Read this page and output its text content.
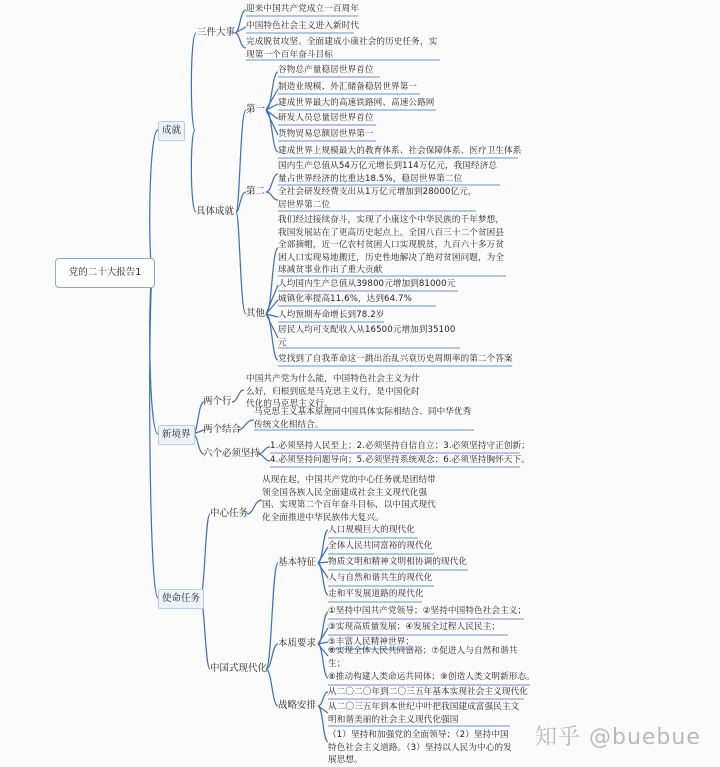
党的二十大报告1
成就
新境界
使命任务
三件大事
迎来中国共产党成立一百周年
中国特色社会主义进入新时代
完成脱贫攻坚、全面建成小康社会的历史任务，实现第一个百年奋斗目标
具体成就
第一
谷物总产量稳居世界首位
制造业规模、外汇储备稳居世界第一
建成世界最大的高速铁路网、高速公路网
研发人员总量居世界首位
货物贸易总额居世界第一
建成世界上规模最大的教育体系、社会保障体系、医疗卫生体系
第二
国内生产总值从54万亿元增长到114万亿元，我国经济总量占世界经济的比重达18.5%，稳居世界第二位
全社会研发经费支出从1万亿元增加到28000亿元，居世界第二位
其他
我们经过接续奋斗，实现了小康这个中华民族的千年梦想，我国发展站在了更高历史起点上。全国八百三十二个贫困县全部摘帽，近一亿农村贫困人口实现脱贫，九百六十多万贫困人口实现易地搬迁，历史性地解决了绝对贫困问题，为全球减贫事业作出了重大贡献
人均国内生产总值从39800元增加到81000元
城镇化率提高11.6%，达到64.7%
人均预期寿命增长到78.2岁
居民人均可支配收入从16500元增加到35100元
党找到了自我革命这一跳出治乱兴衰历史周期率的第二个答案
两个行
中国共产党为什么能，中国特色社会主义为什么好，归根到底是马克思主义行，是中国化时代化的马克思主义行。
两个结合
马克思主义基本原理同中国具体实际相结合、同中华优秀传统文化相结合。
六个必须坚持
1.必须坚持人民至上；2.必须坚持自信自立；3.必须坚持守正创新；
4.必须坚持问题导向；5.必须坚持系统观念；6.必须坚持胸怀天下。
中心任务
从现在起，中国共产党的中心任务就是团结带领全国各族人民全面建成社会主义现代化强国、实现第二个百年奋斗目标，以中国式现代化全面推进中华民族伟大复兴。
中国式现代化
基本特征
人口规模巨大的现代化
全体人民共同富裕的现代化
物质文明和精神文明相协调的现代化
人与自然和谐共生的现代化
走和平发展道路的现代化
本质要求
①坚持中国共产党领导；②坚持中国特色社会主义；
③实现高质量发展；④发展全过程人民民主；
⑤丰富人民精神世界；
⑥实现全体人民共同富裕；⑦促进人与自然和谐共生；
⑧推动构建人类命运共同体；⑨创造人类文明新形态。
战略安排
从二〇二〇年到二〇三五年基本实现社会主义现代化
从二〇三五年到本世纪中叶把我国建成富强民主文明和谐美丽的社会主义现代化强国
（1）坚持和加强党的全面领导；（2）坚持中国特色社会主义道路。（3）坚持以人民为中心的发展思想。
知乎 @buebue
